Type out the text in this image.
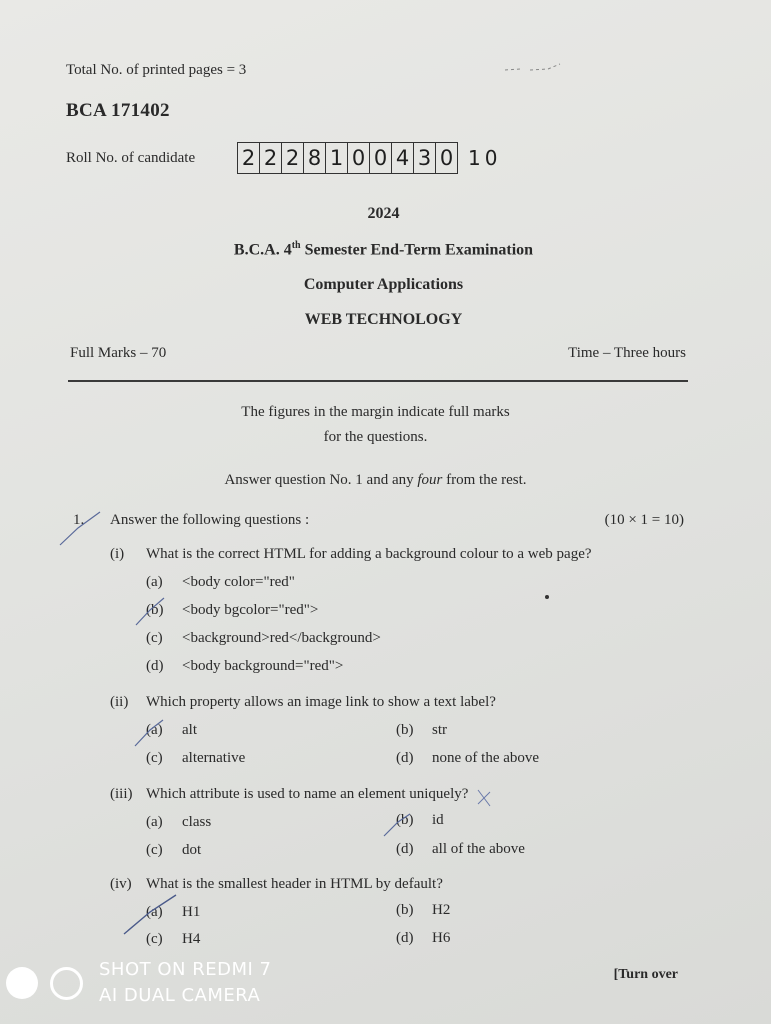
Total No. of printed pages = 3
BCA 171402
Roll No. of candidate 2 2 2 8 1 0 0 4 3 0 10
2024
B.C.A. 4th Semester End-Term Examination
Computer Applications
WEB TECHNOLOGY
Full Marks – 70	Time – Three hours
The figures in the margin indicate full marks
for the questions.
Answer question No. 1 and any four from the rest.
1. Answer the following questions :	(10 × 1 = 10)
(i) What is the correct HTML for adding a background colour to a web page?
(a) <body color="red"
(b) <body bgcolor="red">
(c) <background>red</background>
(d) <body background="red">
(ii) Which property allows an image link to show a text label?
(a) alt	(b) str
(c) alternative	(d) none of the above
(iii) Which attribute is used to name an element uniquely?
(a) class	(b) id
(c) dot	(d) all of the above
(iv) What is the smallest header in HTML by default?
(a) H1	(b) H2
(c) H4	(d) H6
[Turn over
SHOT ON REDMI 7
AI DUAL CAMERA
